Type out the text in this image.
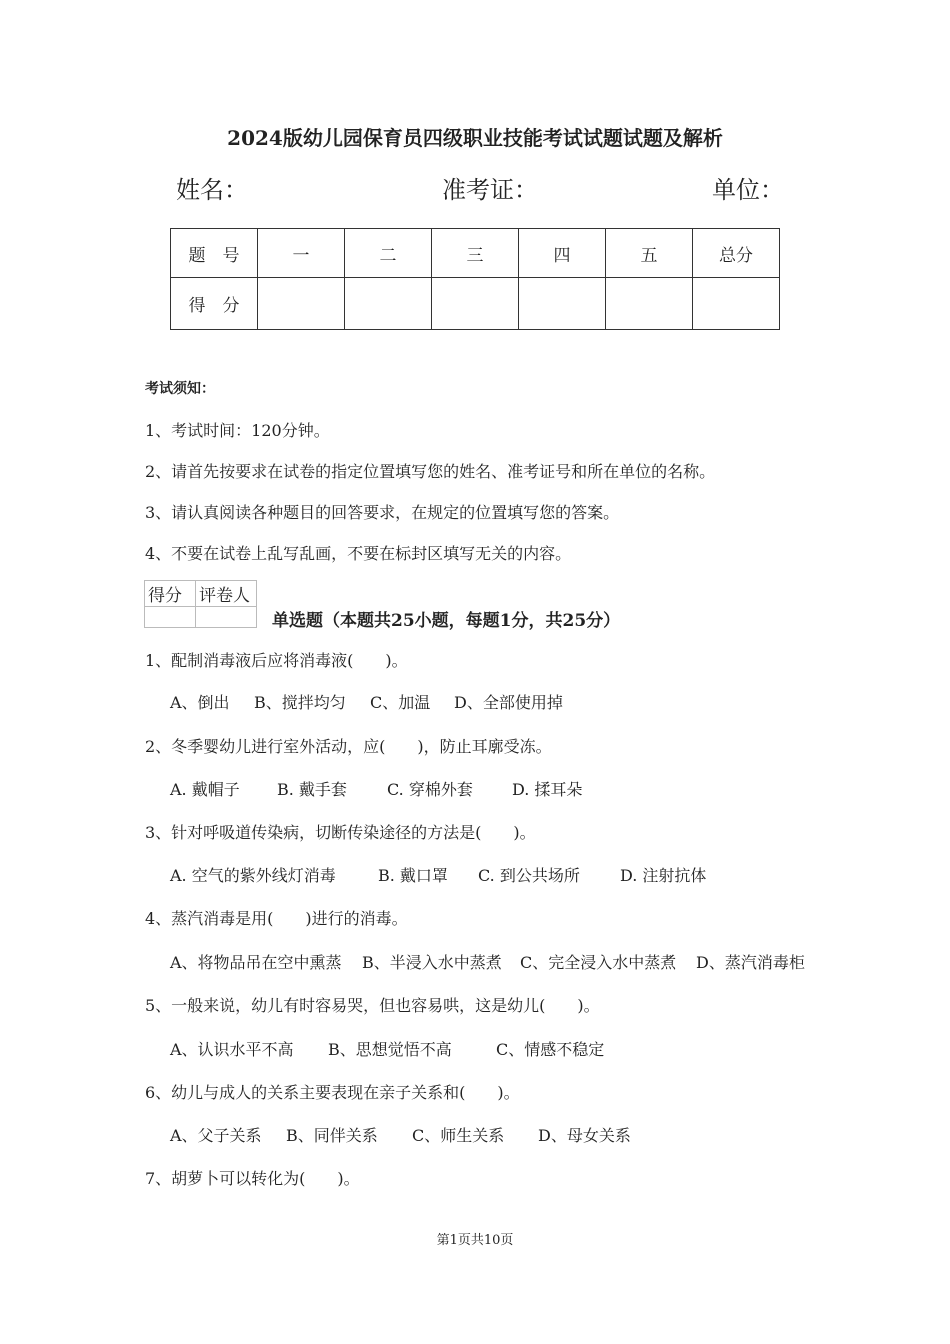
2024版幼儿园保育员四级职业技能考试试题试题及解析
姓名：	准考证：	单位：
题　号	一	二	三	四	五	总分
得　分						
考试须知：
1、考试时间：120分钟。
2、请首先按要求在试卷的指定位置填写您的姓名、准考证号和所在单位的名称。
3、请认真阅读各种题目的回答要求，在规定的位置填写您的答案。
4、不要在试卷上乱写乱画，不要在标封区填写无关的内容。
得分	评卷人

单选题（本题共25小题，每题1分，共25分）
1、配制消毒液后应将消毒液(　　)。
A、倒出 B、搅拌均匀 C、加温 D、全部使用掉
2、冬季婴幼儿进行室外活动，应(　　)，防止耳廓受冻。
A. 戴帽子 B. 戴手套	C. 穿棉外套 D. 揉耳朵
3、针对呼吸道传染病，切断传染途径的方法是(　　)。
A. 空气的紫外线灯消毒	B. 戴口罩 C. 到公共场所	D. 注射抗体
4、蒸汽消毒是用(　　)进行的消毒。
A、将物品吊在空中熏蒸 B、半浸入水中蒸煮 C、完全浸入水中蒸煮 D、蒸汽消毒柜
5、一般来说，幼儿有时容易哭，但也容易哄，这是幼儿(　　)。
A、认识水平不高 B、思想觉悟不高	C、情感不稳定
6、幼儿与成人的关系主要表现在亲子关系和(　　)。
A、父子关系 B、同伴关系 C、师生关系 D、母女关系
7、胡萝卜可以转化为(　　)。
第1页共10页
